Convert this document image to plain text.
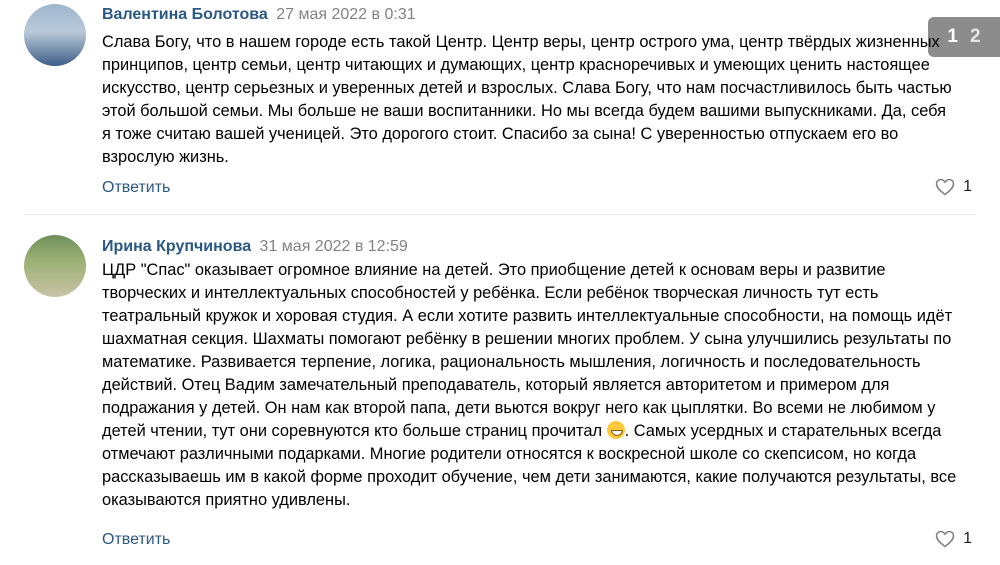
Валентина Болотова 27 мая 2022 в 0:31
Слава Богу, что в нашем городе есть такой Центр. Центр веры, центр острого ума, центр твёрдых жизненных
принципов, центр семьи, центр читающих и думающих, центр красноречивых и умеющих ценить настоящее
искусство, центр серьезных и уверенных детей и взрослых. Слава Богу, что нам посчастливилось быть частью
этой большой семьи. Мы больше не ваши воспитанники. Но мы всегда будем вашими выпускниками. Да, себя
я тоже считаю вашей ученицей. Это дорогого стоит. Спасибо за сына! С уверенностью отпускаем его во
взрослую жизнь.
Ответить	1
Ирина Крупчинова 31 мая 2022 в 12:59
ЦДР "Спас" оказывает огромное влияние на детей. Это приобщение детей к основам веры и развитие
творческих и интеллектуальных способностей у ребёнка. Если ребёнок творческая личность тут есть
театральный кружок и хоровая студия. А если хотите развить интеллектуальные способности, на помощь идёт
шахматная секция. Шахматы помогают ребёнку в решении многих проблем. У сына улучшились результаты по
математике. Развивается терпение, логика, рациональность мышления, логичность и последовательность
действий. Отец Вадим замечательный преподаватель, который является авторитетом и примером для
подражания у детей. Он нам как второй папа, дети вьются вокруг него как цыплятки. Во всеми не любимом у
детей чтении, тут они соревнуются кто больше страниц прочитал . Самых усердных и старательных всегда
отмечают различными подарками. Многие родители относятся к воскресной школе со скепсисом, но когда
рассказываешь им в какой форме проходит обучение, чем дети занимаются, какие получаются результаты, все
оказываются приятно удивлены.
Ответить	1
1 2
